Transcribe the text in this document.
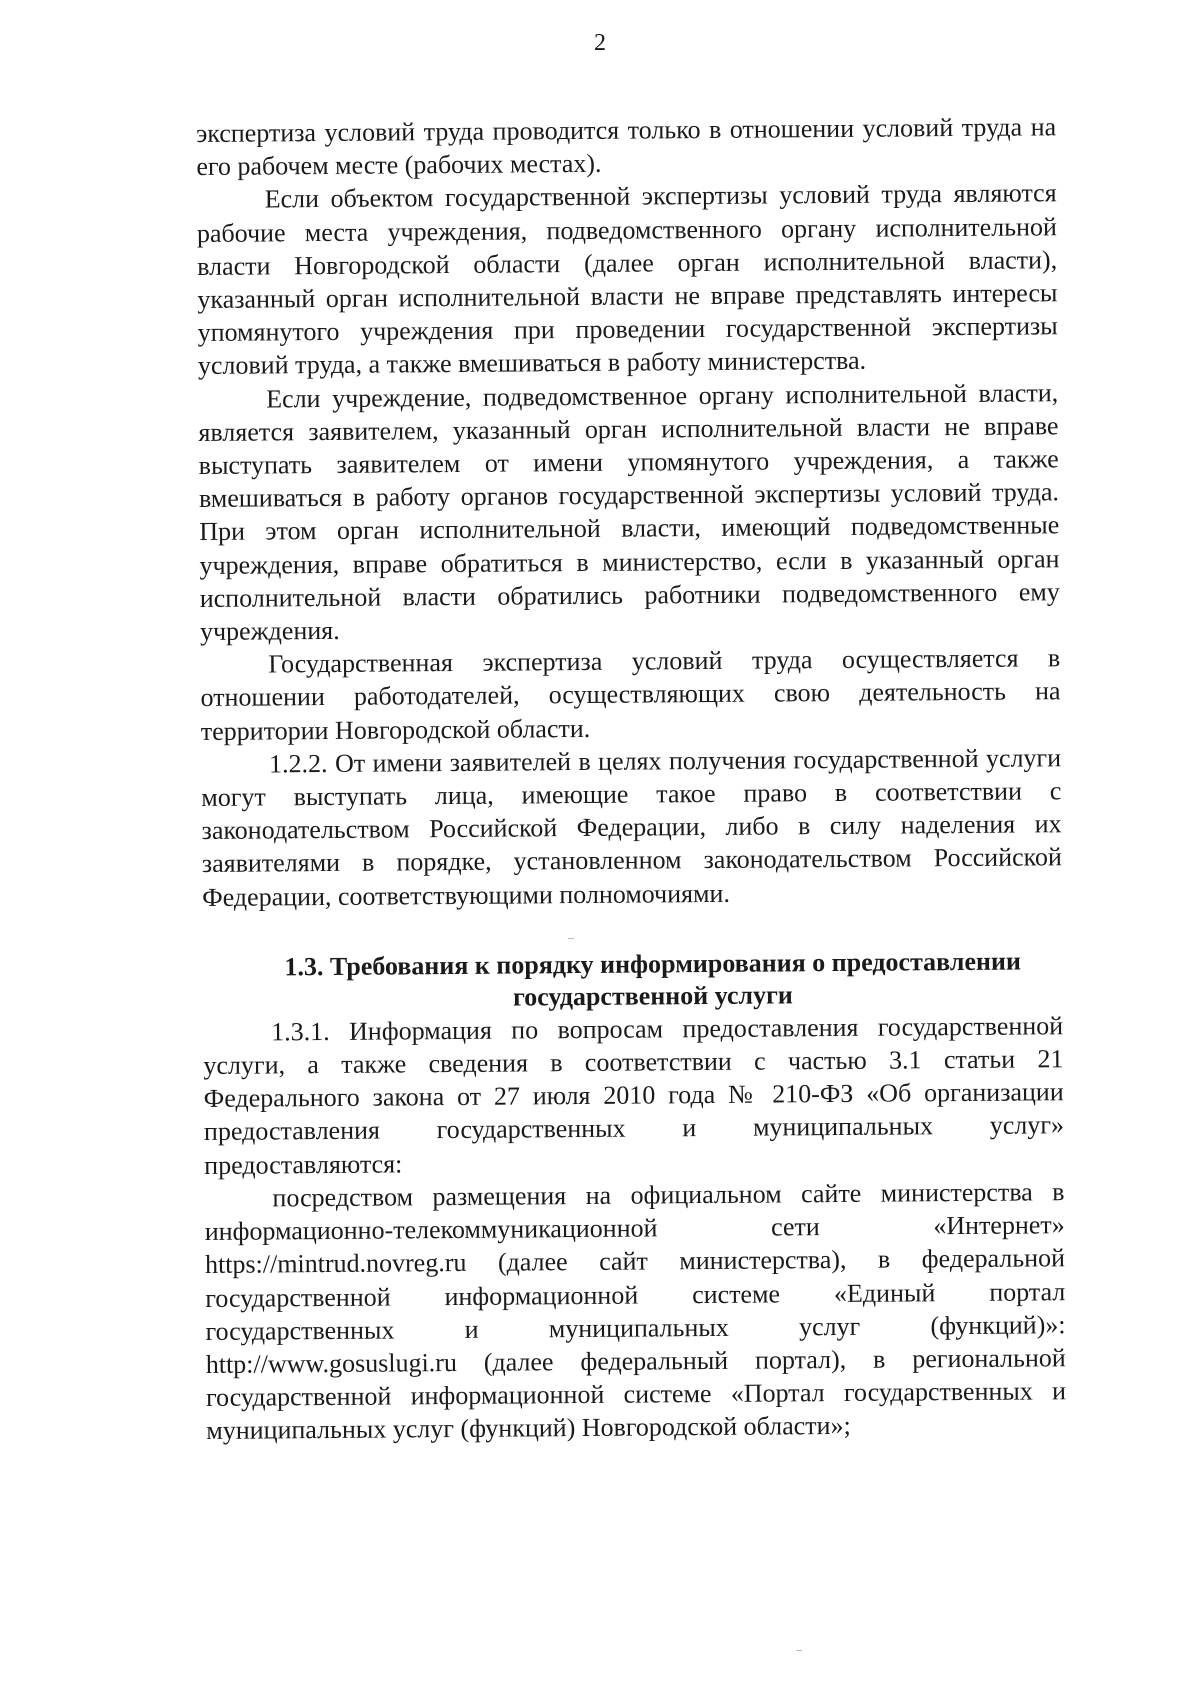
2

экспертиза условий труда проводится только в отношении условий труда на его рабочем месте (рабочих местах).

Если объектом государственной экспертизы условий труда являются рабочие места учреждения, подведомственного органу исполнительной власти Новгородской области (далее орган исполнительной власти), указанный орган исполнительной власти не вправе представлять интересы упомянутого учреждения при проведении государственной экспертизы условий труда, а также вмешиваться в работу министерства.

Если учреждение, подведомственное органу исполнительной власти, является заявителем, указанный орган исполнительной власти не вправе выступать заявителем от имени упомянутого учреждения, а также вмешиваться в работу органов государственной экспертизы условий труда. При этом орган исполнительной власти, имеющий подведомственные учреждения, вправе обратиться в министерство, если в указанный орган исполнительной власти обратились работники подведомственного ему учреждения.

Государственная экспертиза условий труда осуществляется в отношении работодателей, осуществляющих свою деятельность на территории Новгородской области.

1.2.2. От имени заявителей в целях получения государственной услуги могут выступать лица, имеющие такое право в соответствии с законодательством Российской Федерации, либо в силу наделения их заявителями в порядке, установленном законодательством Российской Федерации, соответствующими полномочиями.

1.3. Требования к порядку информирования о предоставлении
государственной услуги

1.3.1. Информация по вопросам предоставления государственной услуги, а также сведения в соответствии с частью 3.1 статьи 21 Федерального закона от 27 июля 2010 года № 210-ФЗ «Об организации предоставления государственных и муниципальных услуг» предоставляются:

посредством размещения на официальном сайте министерства в информационно-телекоммуникационной сети «Интернет» https://mintrud.novreg.ru (далее сайт министерства), в федеральной государственной информационной системе «Единый портал государственных и муниципальных услуг (функций)»: http://www.gosuslugi.ru (далее федеральный портал), в региональной государственной информационной системе «Портал государственных и муниципальных услуг (функций) Новгородской области»;
